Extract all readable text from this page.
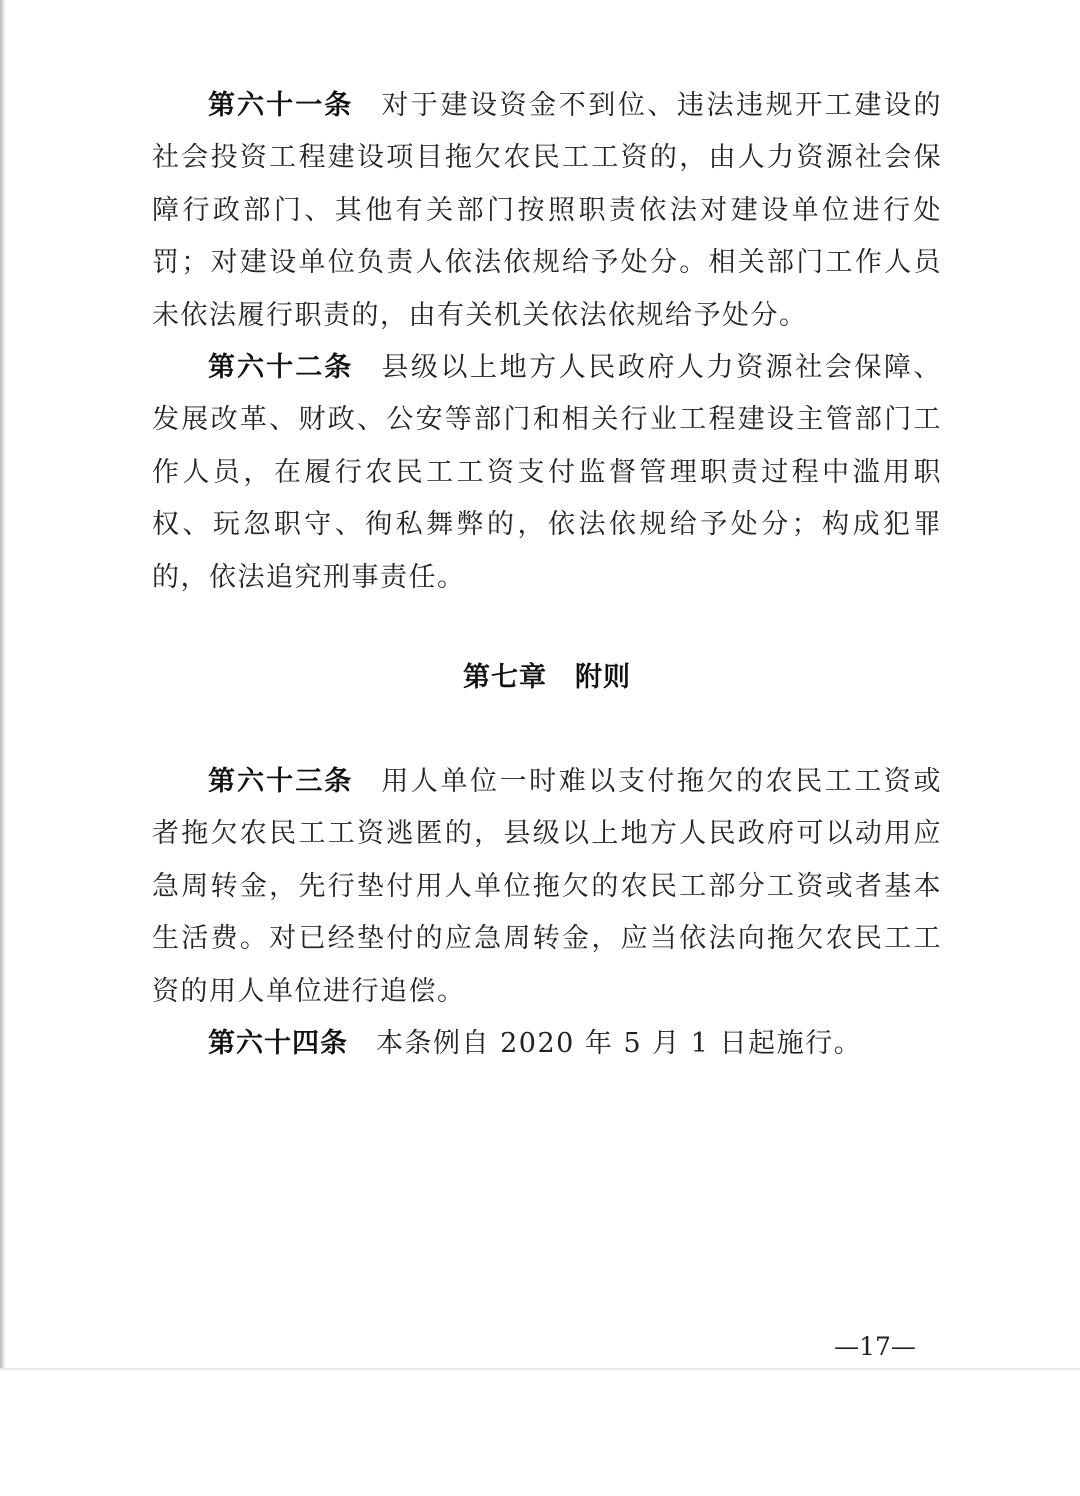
第六十一条 对于建设资金不到位、违法违规开工建设的社会投资工程建设项目拖欠农民工工资的，由人力资源社会保障行政部门、其他有关部门按照职责依法对建设单位进行处罚；对建设单位负责人依法依规给予处分。相关部门工作人员未依法履行职责的，由有关机关依法依规给予处分。

第六十二条 县级以上地方人民政府人力资源社会保障、发展改革、财政、公安等部门和相关行业工程建设主管部门工作人员，在履行农民工工资支付监督管理职责过程中滥用职权、玩忽职守、徇私舞弊的，依法依规给予处分；构成犯罪的，依法追究刑事责任。

第七章　附则

第六十三条 用人单位一时难以支付拖欠的农民工工资或者拖欠农民工工资逃匿的，县级以上地方人民政府可以动用应急周转金，先行垫付用人单位拖欠的农民工部分工资或者基本生活费。对已经垫付的应急周转金，应当依法向拖欠农民工工资的用人单位进行追偿。

第六十四条 本条例自 2020 年 5 月 1 日起施行。

—17—
